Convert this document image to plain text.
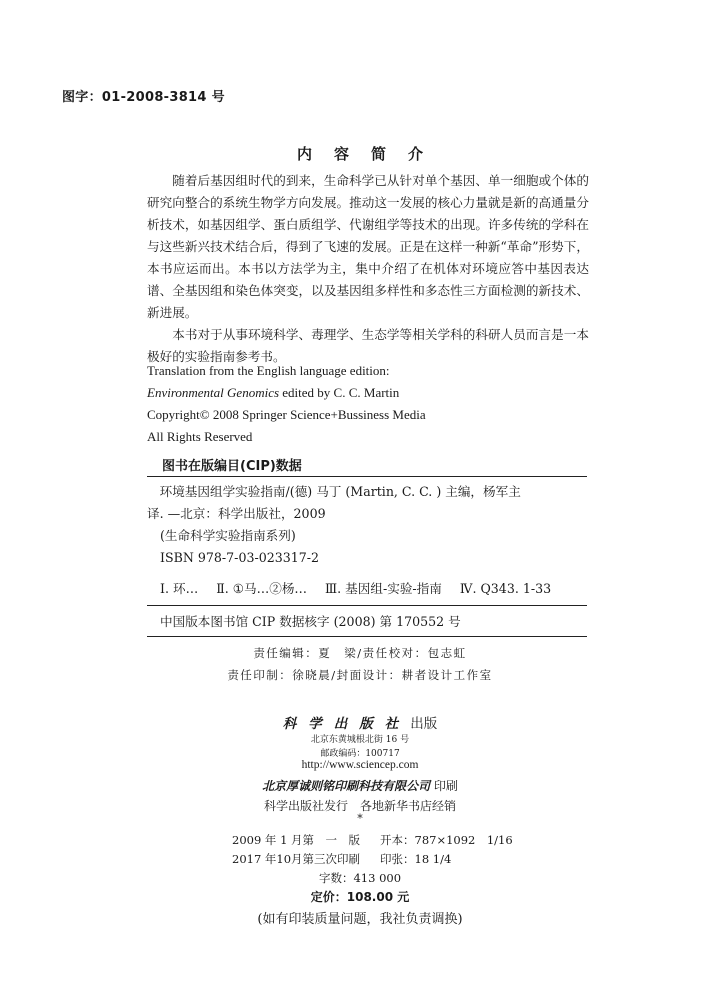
图字：01-2008-3814 号
内容简介

随着后基因组时代的到来，生命科学已从针对单个基因、单一细胞或个体的研究向整合的系统生物学方向发展。推动这一发展的核心力量就是新的高通量分析技术，如基因组学、蛋白质组学、代谢组学等技术的出现。许多传统的学科在与这些新兴技术结合后，得到了飞速的发展。正是在这样一种新“革命”形势下，本书应运而出。本书以方法学为主，集中介绍了在机体对环境应答中基因表达谱、全基因组和染色体突变，以及基因组多样性和多态性三方面检测的新技术、新进展。

本书对于从事环境科学、毒理学、生态学等相关学科的科研人员而言是一本极好的实验指南参考书。

Translation from the English language edition:
Environmental Genomics edited by C. C. Martin
Copyright© 2008 Springer Science+Bussiness Media
All Rights Reserved
图书在版编目(CIP)数据

环境基因组学实验指南/(德) 马丁 (Martin, C. C. ) 主编，杨军主

译. —北京：科学出版社，2009

(生命科学实验指南系列)

ISBN 978-7-03-023317-2

Ⅰ. 环… Ⅱ. ①马…②杨… Ⅲ. 基因组-实验-指南 Ⅳ. Q343. 1-33
中国版本图书馆 CIP 数据核字 (2008) 第 170552 号
责任编辑：夏　梁/责任校对：包志虹
责任印制：徐晓晨/封面设计：耕者设计工作室
科学出版社出版
北京东黄城根北街 16 号
邮政编码：100717
http://www.sciencep.com
北京厚诚则铭印刷科技有限公司 印刷
科学出版社发行　各地新华书店经销
*
2009 年 1 月第　一　版 开本：787×1092　1/16
2017 年10月第三次印刷 印张：18 1/4
字数：413 000
定价：108.00 元
(如有印装质量问题，我社负责调换)
